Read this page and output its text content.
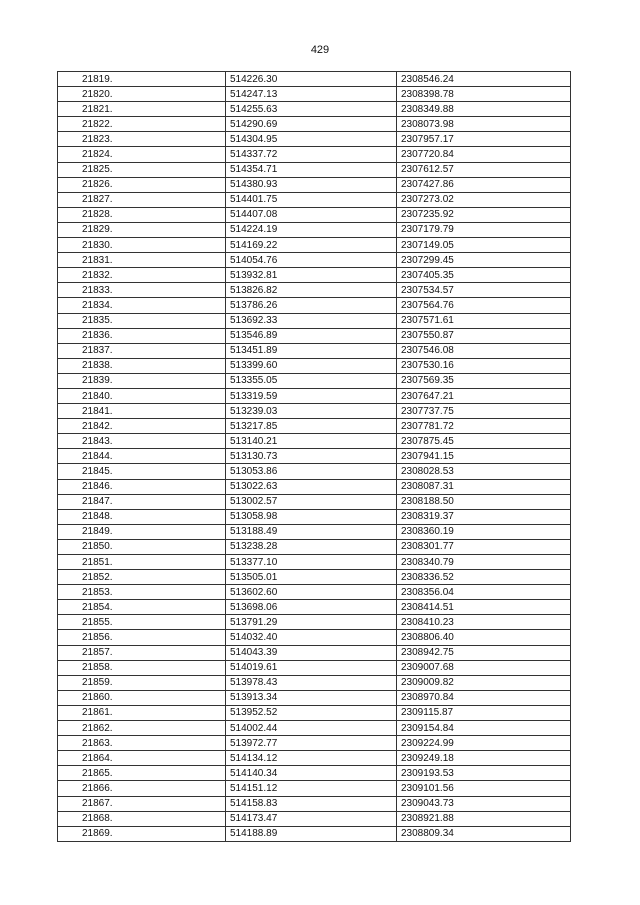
429
21819.	514226.30	2308546.24
21820.	514247.13	2308398.78
21821.	514255.63	2308349.88
21822.	514290.69	2308073.98
21823.	514304.95	2307957.17
21824.	514337.72	2307720.84
21825.	514354.71	2307612.57
21826.	514380.93	2307427.86
21827.	514401.75	2307273.02
21828.	514407.08	2307235.92
21829.	514224.19	2307179.79
21830.	514169.22	2307149.05
21831.	514054.76	2307299.45
21832.	513932.81	2307405.35
21833.	513826.82	2307534.57
21834.	513786.26	2307564.76
21835.	513692.33	2307571.61
21836.	513546.89	2307550.87
21837.	513451.89	2307546.08
21838.	513399.60	2307530.16
21839.	513355.05	2307569.35
21840.	513319.59	2307647.21
21841.	513239.03	2307737.75
21842.	513217.85	2307781.72
21843.	513140.21	2307875.45
21844.	513130.73	2307941.15
21845.	513053.86	2308028.53
21846.	513022.63	2308087.31
21847.	513002.57	2308188.50
21848.	513058.98	2308319.37
21849.	513188.49	2308360.19
21850.	513238.28	2308301.77
21851.	513377.10	2308340.79
21852.	513505.01	2308336.52
21853.	513602.60	2308356.04
21854.	513698.06	2308414.51
21855.	513791.29	2308410.23
21856.	514032.40	2308806.40
21857.	514043.39	2308942.75
21858.	514019.61	2309007.68
21859.	513978.43	2309009.82
21860.	513913.34	2308970.84
21861.	513952.52	2309115.87
21862.	514002.44	2309154.84
21863.	513972.77	2309224.99
21864.	514134.12	2309249.18
21865.	514140.34	2309193.53
21866.	514151.12	2309101.56
21867.	514158.83	2309043.73
21868.	514173.47	2308921.88
21869.	514188.89	2308809.34
